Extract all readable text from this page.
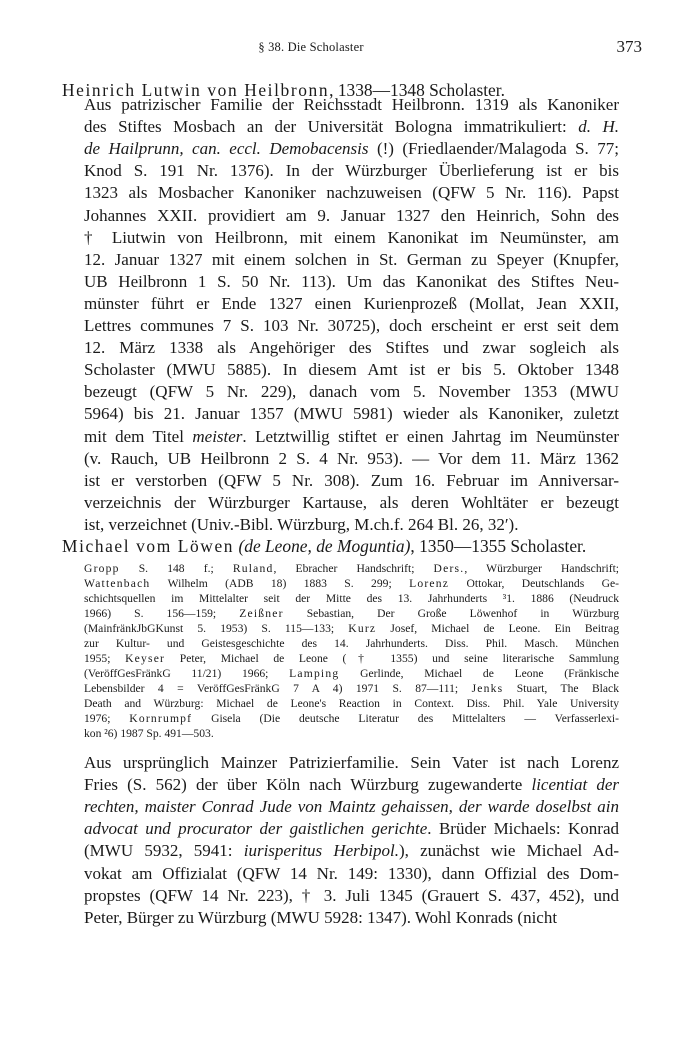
§ 38. Die Scholaster	373
Heinrich Lutwin von Heilbronn, 1338—1348 Scholaster.
Aus patrizischer Familie der Reichsstadt Heilbronn. 1319 als Kanoniker
des Stiftes Mosbach an der Universität Bologna immatrikuliert: d. H.
de Hailprunn, can. eccl. Demobacensis (!) (Friedlaender/Malagoda S. 77;
Knod S. 191 Nr. 1376). In der Würzburger Überlieferung ist er bis
1323 als Mosbacher Kanoniker nachzuweisen (QFW 5 Nr. 116). Papst
Johannes XXII. providiert am 9. Januar 1327 den Heinrich, Sohn des
† Liutwin von Heilbronn, mit einem Kanonikat im Neumünster, am
12. Januar 1327 mit einem solchen in St. German zu Speyer (Knupfer,
UB Heilbronn 1 S. 50 Nr. 113). Um das Kanonikat des Stiftes Neu-
münster führt er Ende 1327 einen Kurienprozeß (Mollat, Jean XXII,
Lettres communes 7 S. 103 Nr. 30725), doch erscheint er erst seit dem
12. März 1338 als Angehöriger des Stiftes und zwar sogleich als
Scholaster (MWU 5885). In diesem Amt ist er bis 5. Oktober 1348
bezeugt (QFW 5 Nr. 229), danach vom 5. November 1353 (MWU
5964) bis 21. Januar 1357 (MWU 5981) wieder als Kanoniker, zuletzt
mit dem Titel meister. Letztwillig stiftet er einen Jahrtag im Neumünster
(v. Rauch, UB Heilbronn 2 S. 4 Nr. 953). — Vor dem 11. März 1362
ist er verstorben (QFW 5 Nr. 308). Zum 16. Februar im Anniversar-
verzeichnis der Würzburger Kartause, als deren Wohltäter er bezeugt
ist, verzeichnet (Univ.-Bibl. Würzburg, M.ch.f. 264 Bl. 26, 32′).
Michael vom Löwen (de Leone, de Moguntia), 1350—1355 Scholaster.
Gropp S. 148 f.; Ruland, Ebracher Handschrift; Ders., Würzburger Handschrift;
Wattenbach Wilhelm (ADB 18) 1883 S. 299; Lorenz Ottokar, Deutschlands Ge-
schichtsquellen im Mittelalter seit der Mitte des 13. Jahrhunderts ³1. 1886 (Neudruck
1966) S. 156—159; Zeißner Sebastian, Der Große Löwenhof in Würzburg
(MainfränkJbGKunst 5. 1953) S. 115—133; Kurz Josef, Michael de Leone. Ein Beitrag
zur Kultur- und Geistesgeschichte des 14. Jahrhunderts. Diss. Phil. Masch. München
1955; Keyser Peter, Michael de Leone († 1355) und seine literarische Sammlung
(VeröffGesFränkG 11/21) 1966; Lamping Gerlinde, Michael de Leone (Fränkische
Lebensbilder 4 = VeröffGesFränkG 7 A 4) 1971 S. 87—111; Jenks Stuart, The Black
Death and Würzburg: Michael de Leone's Reaction in Context. Diss. Phil. Yale University
1976; Kornrumpf Gisela (Die deutsche Literatur des Mittelalters — Verfasserlexi-
kon ²6) 1987 Sp. 491—503.
Aus ursprünglich Mainzer Patrizierfamilie. Sein Vater ist nach Lorenz
Fries (S. 562) der über Köln nach Würzburg zugewanderte licentiat der
rechten, maister Conrad Jude von Maintz gehaissen, der warde doselbst ain
advocat und procurator der gaistlichen gerichte. Brüder Michaels: Konrad
(MWU 5932, 5941: iurisperitus Herbipol.), zunächst wie Michael Ad-
vokat am Offizialat (QFW 14 Nr. 149: 1330), dann Offizial des Dom-
propstes (QFW 14 Nr. 223), † 3. Juli 1345 (Grauert S. 437, 452), und
Peter, Bürger zu Würzburg (MWU 5928: 1347). Wohl Konrads (nicht
